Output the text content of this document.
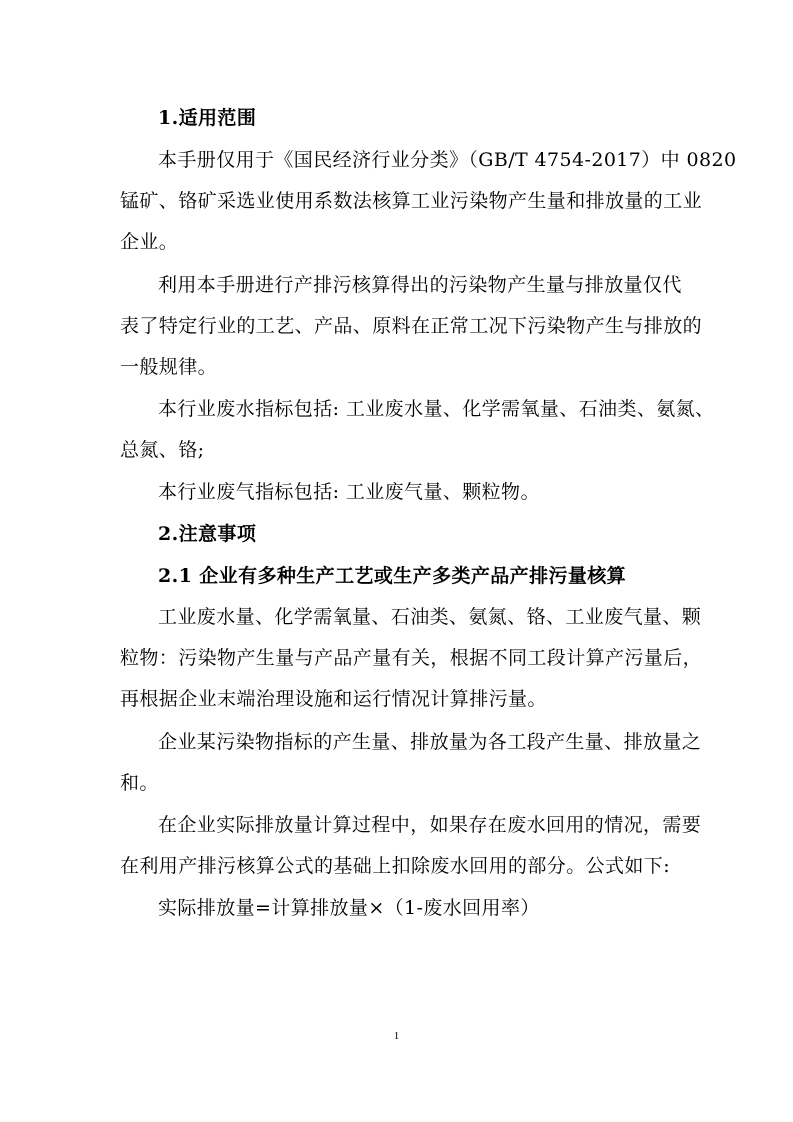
1.适用范围
本手册仅用于《国民经济行业分类》（GB/T 4754-2017）中 0820
锰矿、铬矿采选业使用系数法核算工业污染物产生量和排放量的工业
企业。
利用本手册进行产排污核算得出的污染物产生量与排放量仅代
表了特定行业的工艺、产品、原料在正常工况下污染物产生与排放的
一般规律。
本行业废水指标包括: 工业废水量、化学需氧量、石油类、氨氮、
总氮、铬;
本行业废气指标包括: 工业废气量、颗粒物。
2.注意事项
2.1 企业有多种生产工艺或生产多类产品产排污量核算
工业废水量、化学需氧量、石油类、氨氮、铬、工业废气量、颗
粒物：污染物产生量与产品产量有关，根据不同工段计算产污量后，
再根据企业末端治理设施和运行情况计算排污量。
企业某污染物指标的产生量、排放量为各工段产生量、排放量之
和。
在企业实际排放量计算过程中，如果存在废水回用的情况，需要
在利用产排污核算公式的基础上扣除废水回用的部分。公式如下:
实际排放量=计算排放量×（1-废水回用率）
1
